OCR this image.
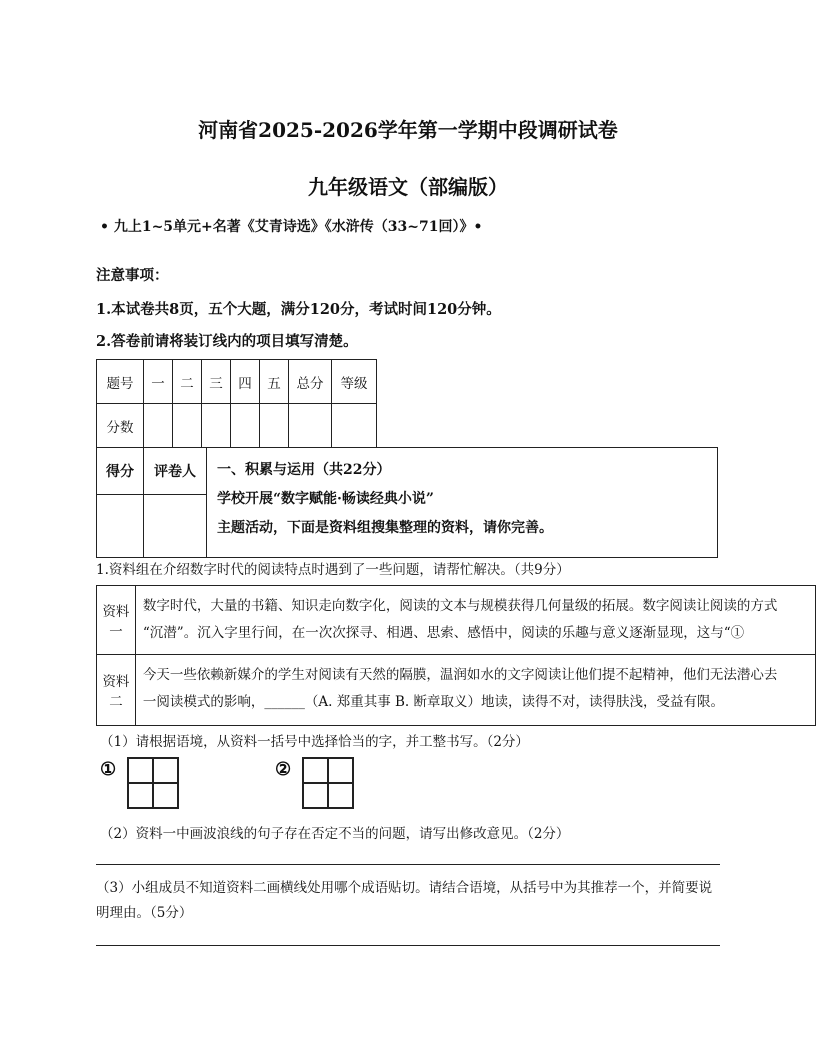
河南省2025-2026学年第一学期中段调研试卷
九年级语文（部编版）
• 九上1~5单元+名著《艾青诗选》《水浒传（33~71回）》•
注意事项：
1.本试卷共8页，五个大题，满分120分，考试时间120分钟。
2.答卷前请将装订线内的项目填写清楚。
题号	一	二	三	四	五	总分	等级
分数							
得分	评卷人	一、积累与运用（共22分）
学校开展“数字赋能·畅读经典小说”
主题活动，下面是资料组搜集整理的资料，请你完善。

1.资料组在介绍数字时代的阅读特点时遇到了一些问题，请帮忙解决。（共9分）
资料一	数字时代，大量的书籍、知识走向数字化，阅读的文本与规模获得几何量级的拓展。数字阅读让阅读的方式
“沉潜”。沉入字里行间，在一次次探寻、相遇、思索、感悟中，阅读的乐趣与意义逐渐显现，这与“①

资料二	今天一些依赖新媒介的学生对阅读有天然的隔膜，温润如水的文字阅读让他们提不起精神，他们无法潜心去
一阅读模式的影响，______（A. 郑重其事 B. 断章取义）地读，读得不对，读得肤浅，受益有限。
（1）请根据语境，从资料一括号中选择恰当的字，并工整书写。（2分）
①	②
（2）资料一中画波浪线的句子存在否定不当的问题，请写出修改意见。（2分）
（3）小组成员不知道资料二画横线处用哪个成语贴切。请结合语境，从括号中为其推荐一个，并简要说明理由。（5分）
